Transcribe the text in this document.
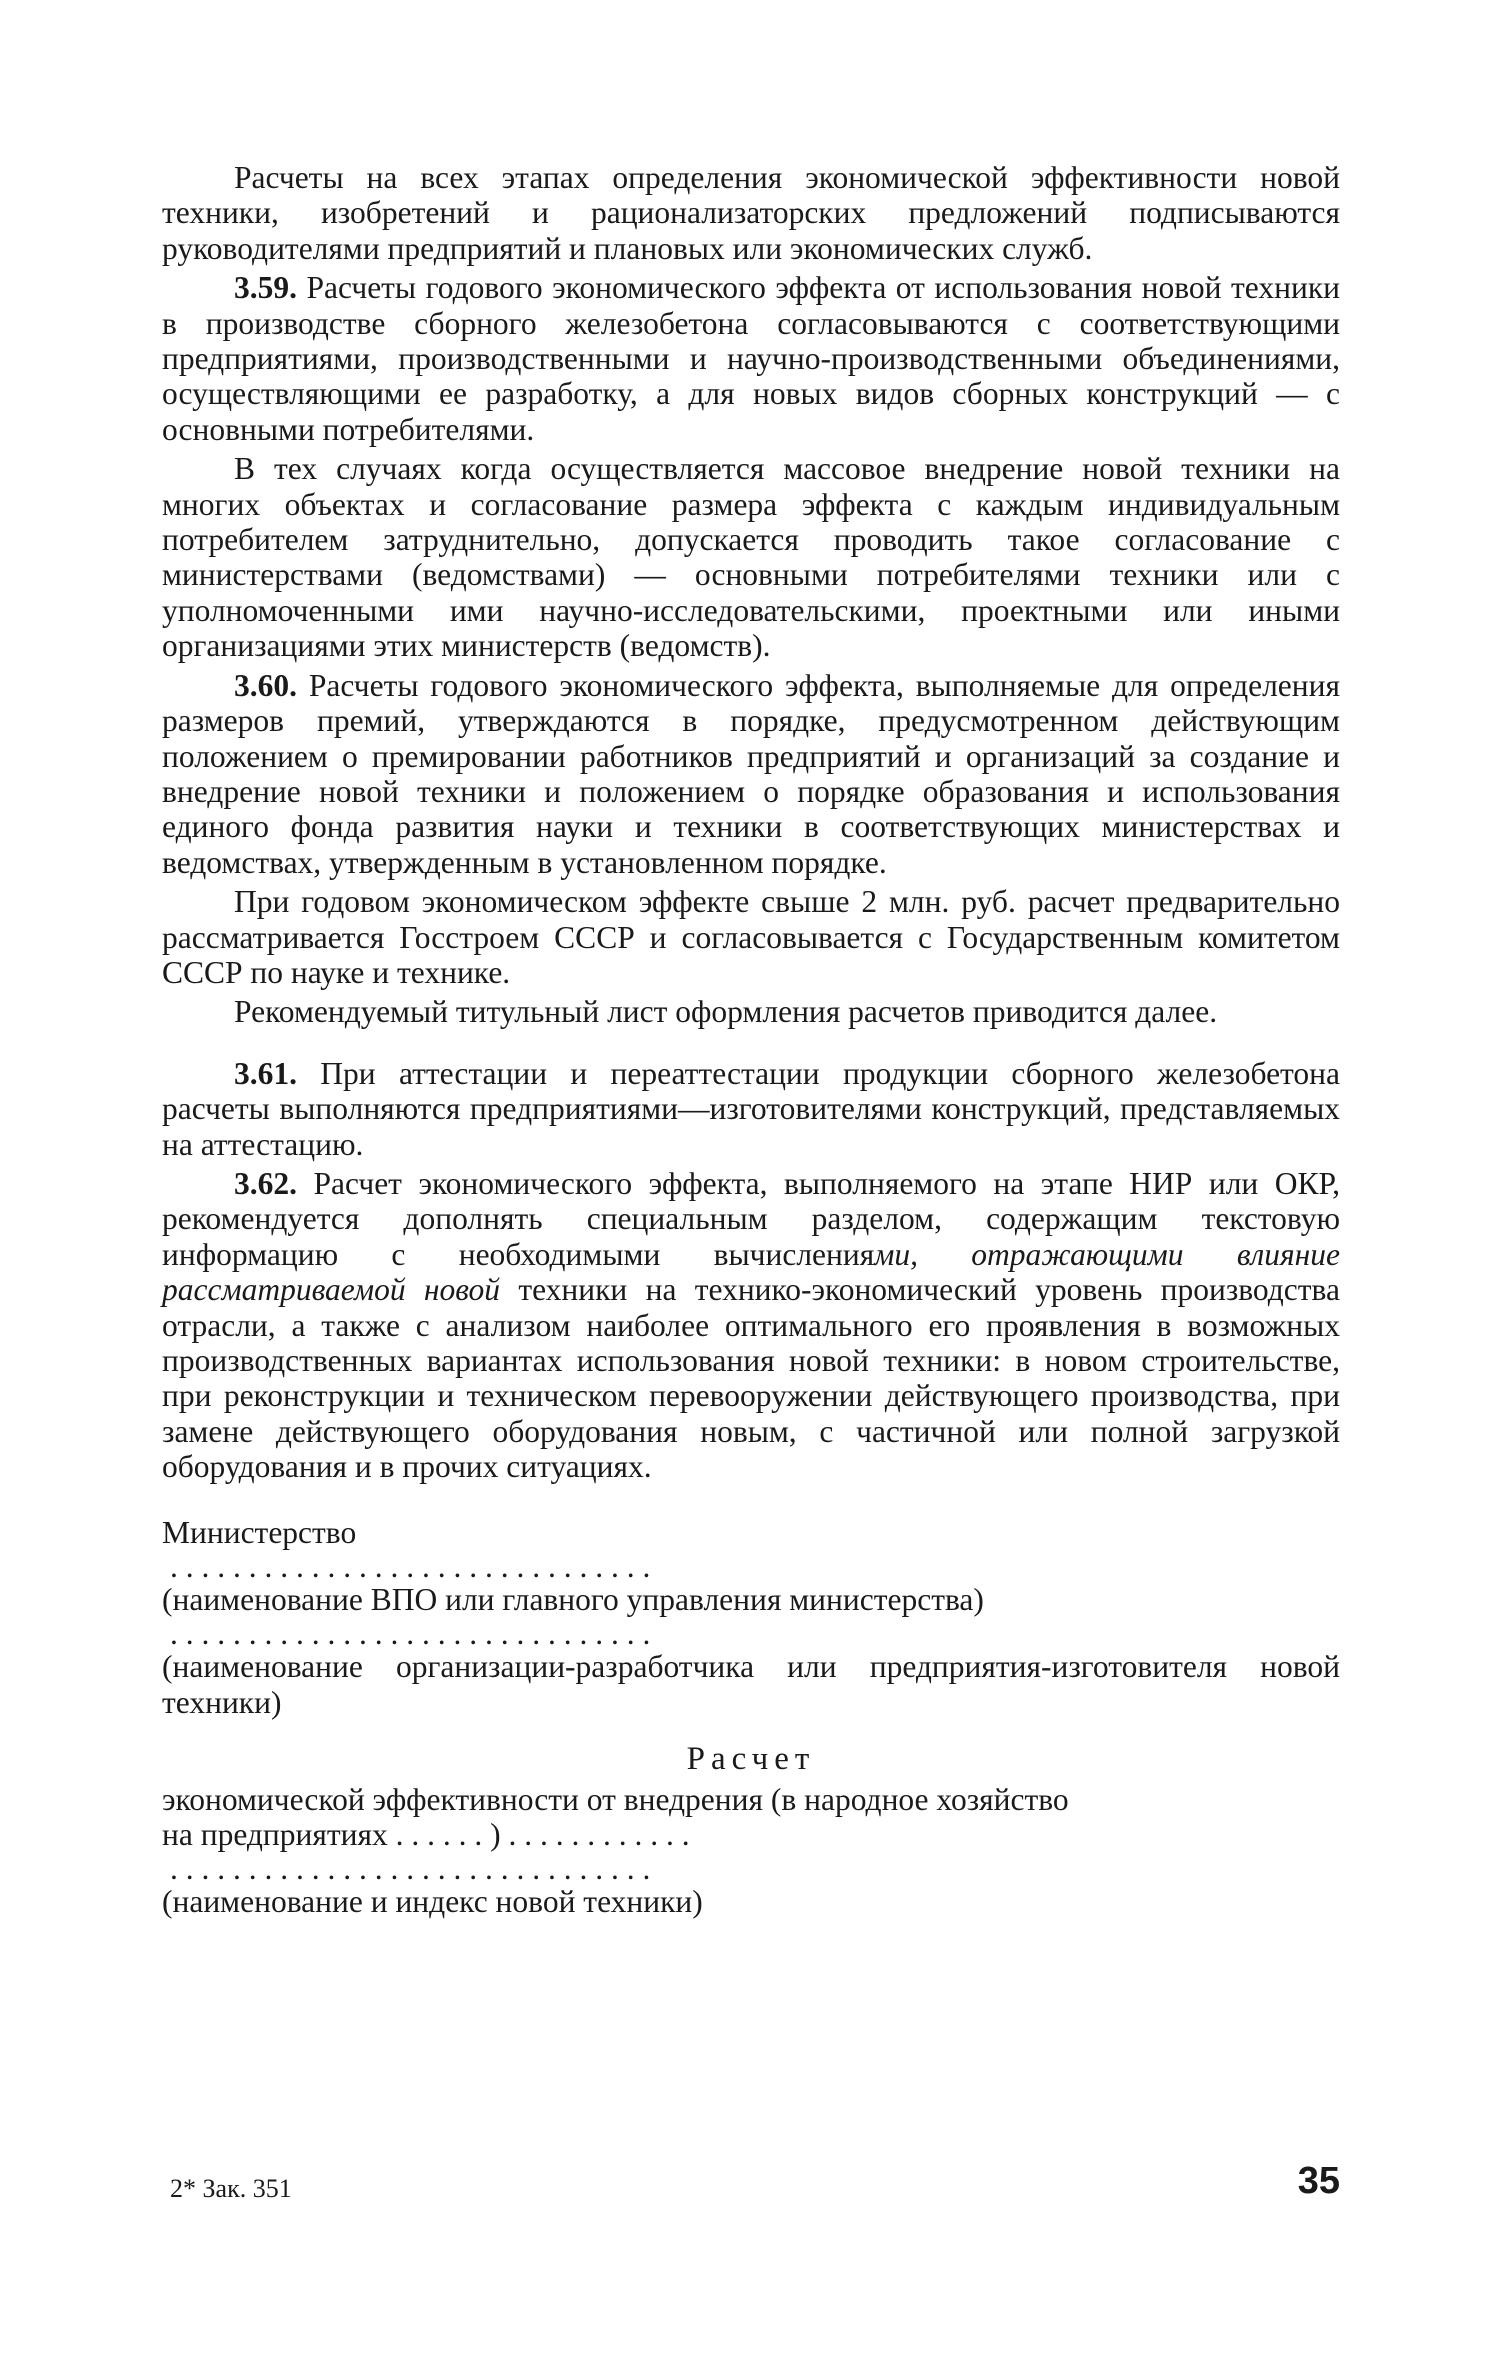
Расчеты на всех этапах определения экономической эффективности новой техники, изобретений и рационализаторских предложений подписываются руководителями предприятий и плановых или экономических служб.

3.59. Расчеты годового экономического эффекта от использования новой техники в производстве сборного железобетона согласовываются с соответствующими предприятиями, производственными и научно-производственными объединениями, осуществляющими ее разработку, а для новых видов сборных конструкций — с основными потребителями.

В тех случаях когда осуществляется массовое внедрение новой техники на многих объектах и согласование размера эффекта с каждым индивидуальным потребителем затруднительно, допускается проводить такое согласование с министерствами (ведомствами) — основными потребителями техники или с уполномоченными ими научно-исследовательскими, проектными или иными организациями этих министерств (ведомств).

3.60. Расчеты годового экономического эффекта, выполняемые для определения размеров премий, утверждаются в порядке, предусмотренном действующим положением о премировании работников предприятий и организаций за создание и внедрение новой техники и положением о порядке образования и использования единого фонда развития науки и техники в соответствующих министерствах и ведомствах, утвержденным в установленном порядке.

При годовом экономическом эффекте свыше 2 млн. руб. расчет предварительно рассматривается Госстроем СССР и согласовывается с Государственным комитетом СССР по науке и технике.

Рекомендуемый титульный лист оформления расчетов приводится далее.

3.61. При аттестации и переаттестации продукции сборного железобетона расчеты выполняются предприятиями—изготовителями конструкций, представляемых на аттестацию.

3.62. Расчет экономического эффекта, выполняемого на этапе НИР или ОКР, рекомендуется дополнять специальным разделом, содержащим текстовую информацию с необходимыми вычислениями, отражающими влияние рассматриваемой новой техники на технико-экономический уровень производства отрасли, а также с анализом наиболее оптимального его проявления в возможных производственных вариантах использования новой техники: в новом строительстве, при реконструкции и техническом перевооружении действующего производства, при замене действующего оборудования новым, с частичной или полной загрузкой оборудования и в прочих ситуациях.

Министерство

. . . . . . . . . . . . . . . . . . . . . . . . . . . . . . .

(наименование ВПО или главного управления министерства)

. . . . . . . . . . . . . . . . . . . . . . . . . . . . . . .

(наименование организации-разработчика или предприятия-изготовителя новой техники)

Расчет

экономической эффективности от внедрения (в народное хозяйство

на предприятиях . . . . . . ) . . . . . . . . . . . .

. . . . . . . . . . . . . . . . . . . . . . . . . . . . . . .

(наименование и индекс новой техники)

2* Зак. 351	35
